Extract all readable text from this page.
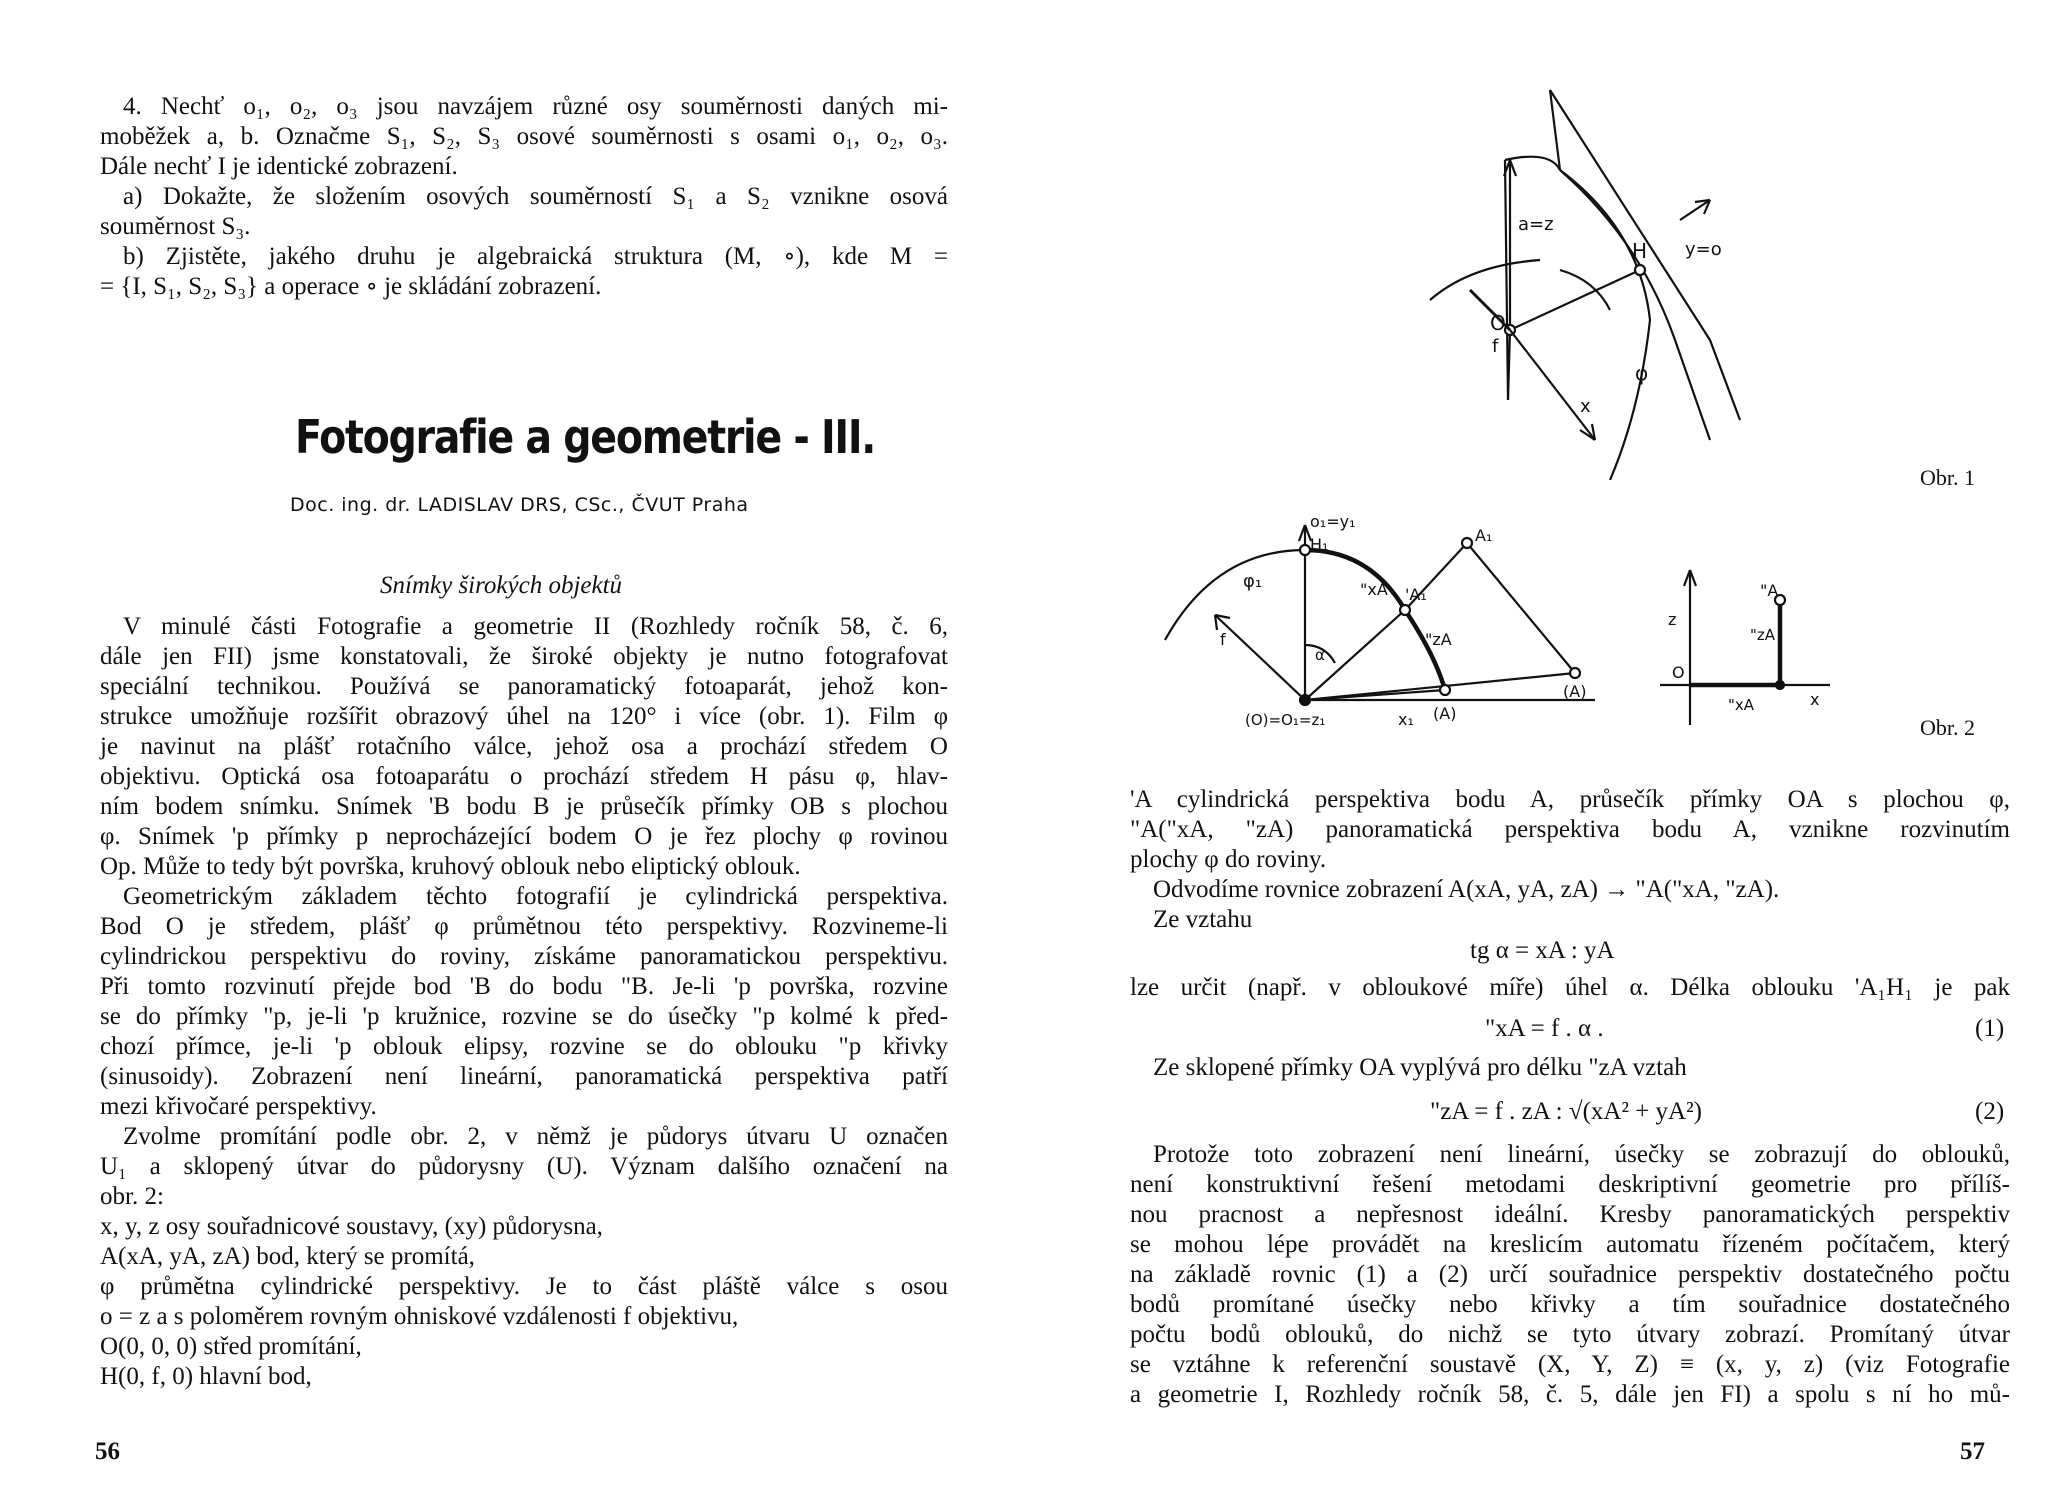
4. Nechť o₁, o₂, o₃ jsou navzájem různé osy souměrnosti daných mi-
moběžek a, b. Označme S₁, S₂, S₃ osové souměrnosti s osami o₁, o₂, o₃.
Dále nechť I je identické zobrazení.
a) Dokažte, že složením osových souměrností S₁ a S₂ vznikne osová
souměrnost S₃.
b) Zjistěte, jakého druhu je algebraická struktura (M, ∘), kde M =
= {I, S₁, S₂, S₃} a operace ∘ je skládání zobrazení.
Fotografie a geometrie - III.
Doc. ing. dr. LADISLAV DRS, CSc., ČVUT Praha
Snímky širokých objektů
V minulé části Fotografie a geometrie II (Rozhledy ročník 58, č. 6,
dále jen FII) jsme konstatovali, že široké objekty je nutno fotografovat
speciální technikou. Používá se panoramatický fotoaparát, jehož kon-
strukce umožňuje rozšířit obrazový úhel na 120° i více (obr. 1). Film φ
je navinut na plášť rotačního válce, jehož osa a prochází středem O
objektivu. Optická osa fotoaparátu o prochází středem H pásu φ, hlav-
ním bodem snímku. Snímek 'B bodu B je průsečík přímky OB s plochou
φ. Snímek 'p přímky p neprocházející bodem O je řez plochy φ rovinou
Op. Může to tedy být površka, kruhový oblouk nebo eliptický oblouk.
Geometrickým základem těchto fotografií je cylindrická perspektiva.
Bod O je středem, plášť φ průmětnou této perspektivy. Rozvineme-li
cylindrickou perspektivu do roviny, získáme panoramatickou perspektivu.
Při tomto rozvinutí přejde bod 'B do bodu "B. Je-li 'p površka, rozvine
se do přímky "p, je-li 'p kružnice, rozvine se do úsečky "p kolmé k před-
chozí přímce, je-li 'p oblouk elipsy, rozvine se do oblouku "p křivky
(sinusoidy). Zobrazení není lineární, panoramatická perspektiva patří
mezi křivočaré perspektivy.
Zvolme promítání podle obr. 2, v němž je půdorys útvaru U označen
U₁ a sklopený útvar do půdorysny (U). Význam dalšího označení na
obr. 2:
x, y, z osy souřadnicové soustavy, (xy) půdorysna,
A(xA, yA, zA) bod, který se promítá,
φ průmětna cylindrické perspektivy. Je to část pláště válce s osou
o = z a s poloměrem rovným ohniskové vzdálenosti f objektivu,
O(0, 0, 0) střed promítání,
H(0, f, 0) hlavní bod,
56
a=z
H y=o
O
f
x
φ
Obr. 1
o₁=y₁
H₁
φ₁
f
α
"xA 'A₁
"zA
A₁
(A)
(A)
(O)=O₁=z₁	x₁
z
"A
"zA
O
"xA	x
Obr. 2
'A cylindrická perspektiva bodu A, průsečík přímky OA s plochou φ,
"A("xA, "zA) panoramatická perspektiva bodu A, vznikne rozvinutím
plochy φ do roviny.
Odvodíme rovnice zobrazení A(xA, yA, zA) → "A("xA, "zA).
Ze vztahu
tg α = xA : yA
lze určit (např. v obloukové míře) úhel α. Délka oblouku 'A₁H₁ je pak
"xA = f . α .	(1)
Ze sklopené přímky OA vyplývá pro délku "zA vztah
"zA = f . zA : √(xA² + yA²)	(2)
Protože toto zobrazení není lineární, úsečky se zobrazují do oblouků,
není konstruktivní řešení metodami deskriptivní geometrie pro přílíš-
nou pracnost a nepřesnost ideální. Kresby panoramatických perspektiv
se mohou lépe provádět na kreslicím automatu řízeném počítačem, který
na základě rovnic (1) a (2) určí souřadnice perspektiv dostatečného počtu
bodů promítané úsečky nebo křivky a tím souřadnice dostatečného
počtu bodů oblouků, do nichž se tyto útvary zobrazí. Promítaný útvar
se vztáhne k referenční soustavě (X, Y, Z) ≡ (x, y, z) (viz Fotografie
a geometrie I, Rozhledy ročník 58, č. 5, dále jen FI) a spolu s ní ho mů-
57
